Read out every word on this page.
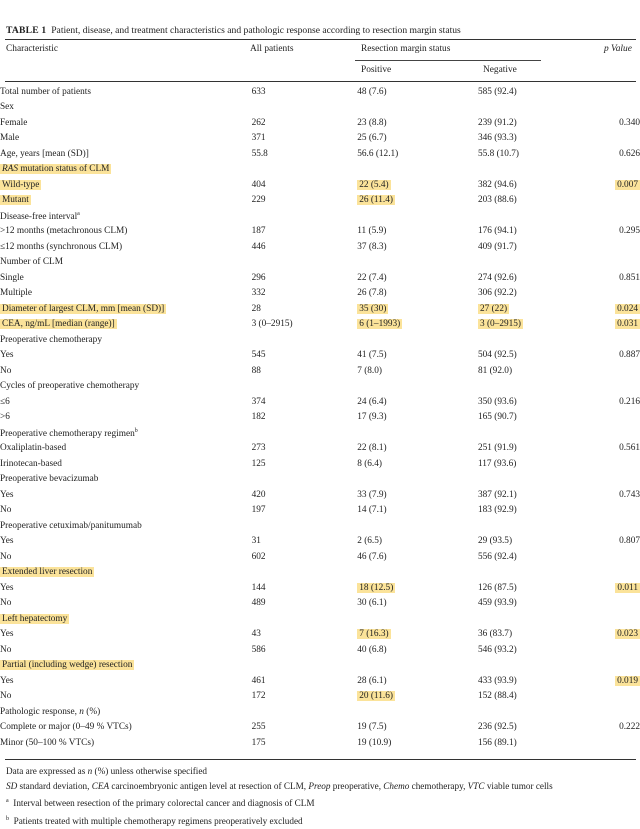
TABLE 1 Patient, disease, and treatment characteristics and pathologic response according to resection margin status
Characteristic	All patients	Resection margin status	p Value
Positive	Negative
Total number of patients	633	48 (7.6)	585 (92.4)	
Sex				
Female	262	23 (8.8)	239 (91.2)	0.340
Male	371	25 (6.7)	346 (93.3)	
Age, years [mean (SD)]	55.8	56.6 (12.1)	55.8 (10.7)	0.626
RAS mutation status of CLM				
Wild-type	404	22 (5.4)	382 (94.6)	0.007
Mutant	229	26 (11.4)	203 (88.6)	
Disease-free interval$^a$				
>12 months (metachronous CLM)	187	11 (5.9)	176 (94.1)	0.295
≤12 months (synchronous CLM)	446	37 (8.3)	409 (91.7)	
Number of CLM				
Single	296	22 (7.4)	274 (92.6)	0.851
Multiple	332	26 (7.8)	306 (92.2)	
Diameter of largest CLM, mm [mean (SD)]	28	35 (30)	27 (22)	0.024
CEA, ng/mL [median (range)]	3 (0–2915)	6 (1–1993)	3 (0–2915)	0.031
Preoperative chemotherapy				
Yes	545	41 (7.5)	504 (92.5)	0.887
No	88	7 (8.0)	81 (92.0)	
Cycles of preoperative chemotherapy				
≤6	374	24 (6.4)	350 (93.6)	0.216
>6	182	17 (9.3)	165 (90.7)	
Preoperative chemotherapy regimen$^b$				
Oxaliplatin-based	273	22 (8.1)	251 (91.9)	0.561
Irinotecan-based	125	8 (6.4)	117 (93.6)	
Preoperative bevacizumab				
Yes	420	33 (7.9)	387 (92.1)	0.743
No	197	14 (7.1)	183 (92.9)	
Preoperative cetuximab/panitumumab				
Yes	31	2 (6.5)	29 (93.5)	0.807
No	602	46 (7.6)	556 (92.4)	
Extended liver resection				
Yes	144	18 (12.5)	126 (87.5)	0.011
No	489	30 (6.1)	459 (93.9)	
Left hepatectomy				
Yes	43	7 (16.3)	36 (83.7)	0.023
No	586	40 (6.8)	546 (93.2)	
Partial (including wedge) resection				
Yes	461	28 (6.1)	433 (93.9)	0.019
No	172	20 (11.6)	152 (88.4)	
Pathologic response, n (%)				
Complete or major (0–49 % VTCs)	255	19 (7.5)	236 (92.5)	0.222
Minor (50–100 % VTCs)	175	19 (10.9)	156 (89.1)	
Data are expressed as n (%) unless otherwise specified
SD standard deviation, CEA carcinoembryonic antigen level at resection of CLM, Preop preoperative, Chemo chemotherapy, VTC viable tumor cells
$^a$ Interval between resection of the primary colorectal cancer and diagnosis of CLM
$^b$ Patients treated with multiple chemotherapy regimens preoperatively excluded
